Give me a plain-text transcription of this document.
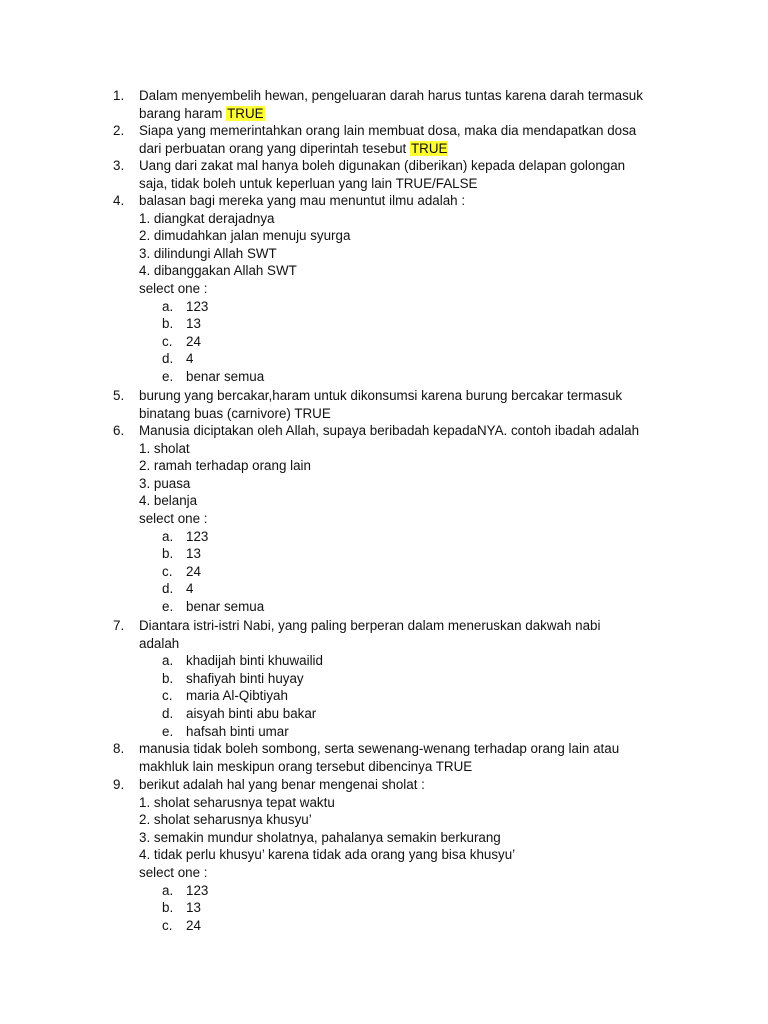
1.	Dalam menyembelih hewan, pengeluaran darah harus tuntas karena darah termasuk
barang haram TRUE
2.	Siapa yang memerintahkan orang lain membuat dosa, maka dia mendapatkan dosa
dari perbuatan orang yang diperintah tesebut TRUE
3.	Uang dari zakat mal hanya boleh digunakan (diberikan) kepada delapan golongan
saja, tidak boleh untuk keperluan yang lain TRUE/FALSE
4.	balasan bagi mereka yang mau menuntut ilmu adalah :
1. diangkat derajadnya
2. dimudahkan jalan menuju syurga
3. dilindungi Allah SWT
4. dibanggakan Allah SWT
select one :
a. 123
b. 13
c. 24
d. 4
e. benar semua
5.	burung yang bercakar,haram untuk dikonsumsi karena burung bercakar termasuk
binatang buas (carnivore) TRUE
6.	Manusia diciptakan oleh Allah, supaya beribadah kepadaNYA. contoh ibadah adalah
1. sholat
2. ramah terhadap orang lain
3. puasa
4. belanja
select one :
a. 123
b. 13
c. 24
d. 4
e. benar semua
7.	Diantara istri-istri Nabi, yang paling berperan dalam meneruskan dakwah nabi
adalah
a. khadijah binti khuwailid
b. shafiyah binti huyay
c. maria Al-Qibtiyah
d. aisyah binti abu bakar
e. hafsah binti umar
8.	manusia tidak boleh sombong, serta sewenang-wenang terhadap orang lain atau
makhluk lain meskipun orang tersebut dibencinya TRUE
9.	berikut adalah hal yang benar mengenai sholat :
1. sholat seharusnya tepat waktu
2. sholat seharusnya khusyu’
3. semakin mundur sholatnya, pahalanya semakin berkurang
4. tidak perlu khusyu’ karena tidak ada orang yang bisa khusyu’
select one :
a. 123
b. 13
c. 24
